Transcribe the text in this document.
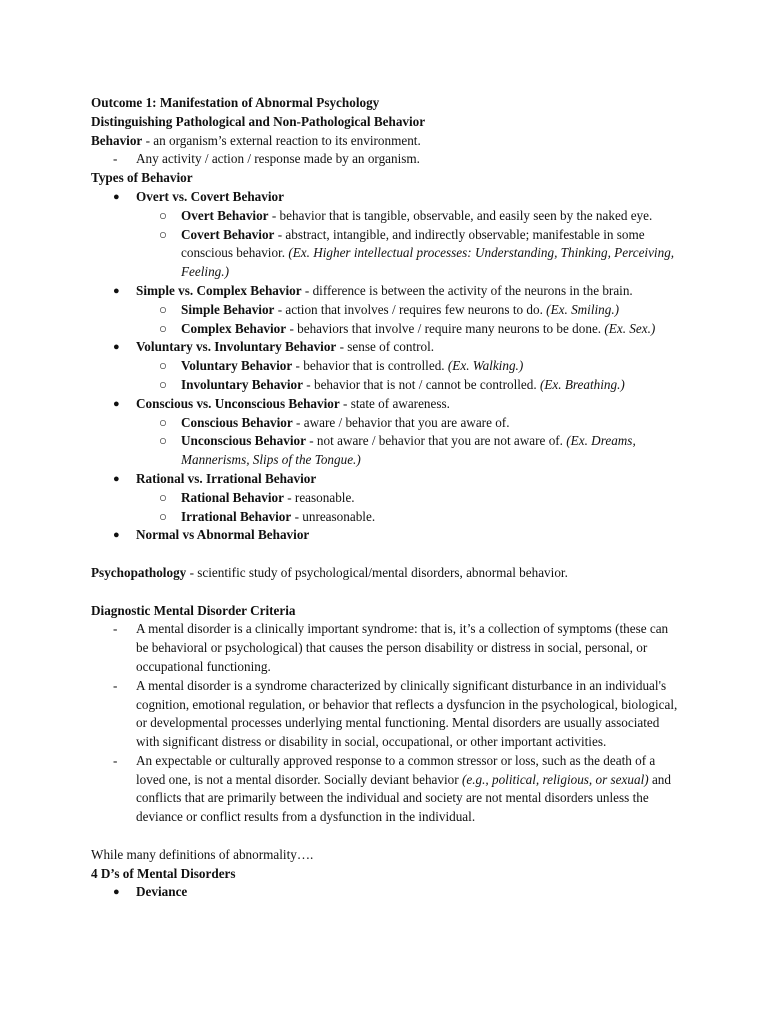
Outcome 1: Manifestation of Abnormal Psychology
Distinguishing Pathological and Non-Pathological Behavior
Behavior - an organism’s external reaction to its environment.
- Any activity / action / response made by an organism.
Types of Behavior
● Overt vs. Covert Behavior
○ Overt Behavior - behavior that is tangible, observable, and easily seen by the naked eye.
○ Covert Behavior - abstract, intangible, and indirectly observable; manifestable in some conscious behavior. (Ex. Higher intellectual processes: Understanding, Thinking, Perceiving, Feeling.)
● Simple vs. Complex Behavior - difference is between the activity of the neurons in the brain.
○ Simple Behavior - action that involves / requires few neurons to do. (Ex. Smiling.)
○ Complex Behavior - behaviors that involve / require many neurons to be done. (Ex. Sex.)
● Voluntary vs. Involuntary Behavior - sense of control.
○ Voluntary Behavior - behavior that is controlled. (Ex. Walking.)
○ Involuntary Behavior - behavior that is not / cannot be controlled. (Ex. Breathing.)
● Conscious vs. Unconscious Behavior - state of awareness.
○ Conscious Behavior - aware / behavior that you are aware of.
○ Unconscious Behavior - not aware / behavior that you are not aware of. (Ex. Dreams, Mannerisms, Slips of the Tongue.)
● Rational vs. Irrational Behavior
○ Rational Behavior - reasonable.
○ Irrational Behavior - unreasonable.
● Normal vs Abnormal Behavior
Psychopathology - scientific study of psychological/mental disorders, abnormal behavior.
Diagnostic Mental Disorder Criteria
- A mental disorder is a clinically important syndrome: that is, it’s a collection of symptoms (these can be behavioral or psychological) that causes the person disability or distress in social, personal, or occupational functioning.
- A mental disorder is a syndrome characterized by clinically significant disturbance in an individual's cognition, emotional regulation, or behavior that reflects a dysfuncion in the psychological, biological, or developmental processes underlying mental functioning. Mental disorders are usually associated with significant distress or disability in social, occupational, or other important activities.
- An expectable or culturally approved response to a common stressor or loss, such as the death of a loved one, is not a mental disorder. Socially deviant behavior (e.g., political, religious, or sexual) and conflicts that are primarily between the individual and society are not mental disorders unless the deviance or conflict results from a dysfunction in the individual.
While many definitions of abnormality….
4 D’s of Mental Disorders
● Deviance
